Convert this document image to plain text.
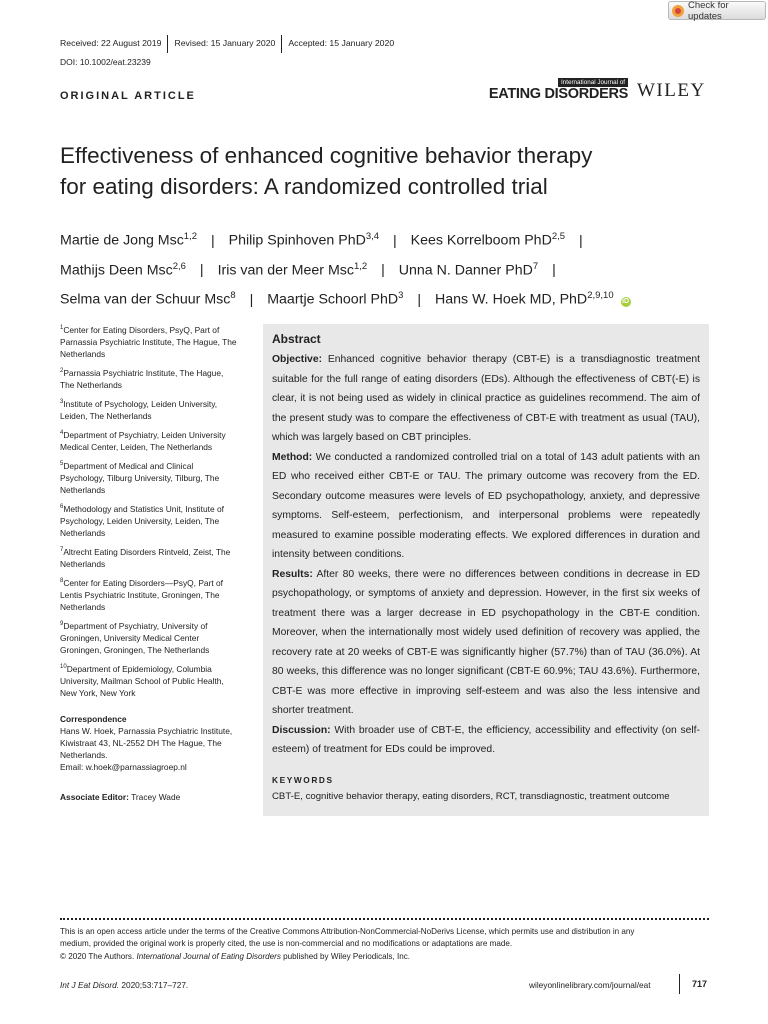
Check for updates
Received: 22 August 2019	Revised: 15 January 2020	Accepted: 15 January 2020
DOI: 10.1002/eat.23239
ORIGINAL ARTICLE
International Journal of
EATING DISORDERS WILEY
Effectiveness of enhanced cognitive behavior therapy
for eating disorders: A randomized controlled trial
Martie de Jong Msc$^{1,2}$ | Philip Spinhoven PhD$^{3,4}$ | Kees Korrelboom PhD$^{2,5}$ |
Mathijs Deen Msc$^{2,6}$ | Iris van der Meer Msc$^{1,2}$ | Unna N. Danner PhD$^7$ |
Selma van der Schuur Msc$^8$ | Maartje Schoorl PhD$^3$ | Hans W. Hoek MD, PhD$^{2,9,10}$ iD
$^1$Center for Eating Disorders, PsyQ, Part of
Parnassia Psychiatric Institute, The Hague, The
Netherlands
$^2$Parnassia Psychiatric Institute, The Hague,
The Netherlands
$^3$Institute of Psychology, Leiden University,
Leiden, The Netherlands
$^4$Department of Psychiatry, Leiden University
Medical Center, Leiden, The Netherlands
$^5$Department of Medical and Clinical
Psychology, Tilburg University, Tilburg, The
Netherlands
$^6$Methodology and Statistics Unit, Institute of
Psychology, Leiden University, Leiden, The
Netherlands
$^7$Altrecht Eating Disorders Rintveld, Zeist, The
Netherlands
$^8$Center for Eating Disorders—PsyQ, Part of
Lentis Psychiatric Institute, Groningen, The
Netherlands
$^9$Department of Psychiatry, University of
Groningen, University Medical Center
Groningen, Groningen, The Netherlands
$^{10}$Department of Epidemiology, Columbia
University, Mailman School of Public Health,
New York, New York
Correspondence
Hans W. Hoek, Parnassia Psychiatric Institute,
Kiwistraat 43, NL-2552 DH The Hague, The
Netherlands.
Email: w.hoek@parnassiagroep.nl
Associate Editor: Tracey Wade
Abstract

Objective: Enhanced cognitive behavior therapy (CBT-E) is a transdiagnostic treatment suitable for the full range of eating disorders (EDs). Although the effectiveness of CBT(-E) is clear, it is not being used as widely in clinical practice as guidelines recommend. The aim of the present study was to compare the effectiveness of CBT-E with treatment as usual (TAU), which was largely based on CBT principles.

Method: We conducted a randomized controlled trial on a total of 143 adult patients with an ED who received either CBT-E or TAU. The primary outcome was recovery from the ED. Secondary outcome measures were levels of ED psychopathology, anxiety, and depressive symptoms. Self-esteem, perfectionism, and interpersonal problems were repeatedly measured to examine possible moderating effects. We explored differences in duration and intensity between conditions.

Results: After 80 weeks, there were no differences between conditions in decrease in ED psychopathology, or symptoms of anxiety and depression. However, in the first six weeks of treatment there was a larger decrease in ED psychopathology in the CBT-E condition. Moreover, when the internationally most widely used definition of recovery was applied, the recovery rate at 20 weeks of CBT-E was significantly higher (57.7%) than of TAU (36.0%). At 80 weeks, this difference was no longer significant (CBT-E 60.9%; TAU 43.6%). Furthermore, CBT-E was more effective in improving self-esteem and was also the less intensive and shorter treatment.

Discussion: With broader use of CBT-E, the efficiency, accessibility and effectivity (on self-esteem) of treatment for EDs could be improved.

KEYWORDS
CBT-E, cognitive behavior therapy, eating disorders, RCT, transdiagnostic, treatment outcome
This is an open access article under the terms of the Creative Commons Attribution-NonCommercial-NoDerivs License, which permits use and distribution in any
medium, provided the original work is properly cited, the use is non-commercial and no modifications or adaptations are made.
© 2020 The Authors. International Journal of Eating Disorders published by Wiley Periodicals, Inc.
Int J Eat Disord. 2020;53:717–727.	wileyonlinelibrary.com/journal/eat	717
